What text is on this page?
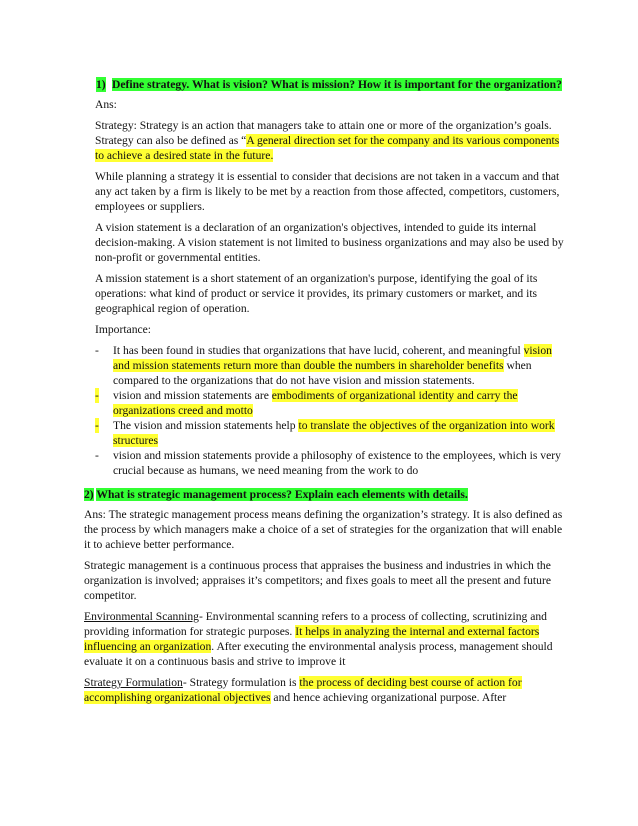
1) Define strategy. What is vision? What is mission? How it is important for the organization?

Ans:

Strategy: Strategy is an action that managers take to attain one or more of the organization’s goals. Strategy can also be defined as “A general direction set for the company and its various components to achieve a desired state in the future.

While planning a strategy it is essential to consider that decisions are not taken in a vaccum and that any act taken by a firm is likely to be met by a reaction from those affected, competitors, customers, employees or suppliers.

A vision statement is a declaration of an organization's objectives, intended to guide its internal decision-making. A vision statement is not limited to business organizations and may also be used by non-profit or governmental entities.

A mission statement is a short statement of an organization's purpose, identifying the goal of its operations: what kind of product or service it provides, its primary customers or market, and its geographical region of operation.

Importance:

- It has been found in studies that organizations that have lucid, coherent, and meaningful vision and mission statements return more than double the numbers in shareholder benefits when compared to the organizations that do not have vision and mission statements.
- vision and mission statements are embodiments of organizational identity and carry the organizations creed and motto
- The vision and mission statements help to translate the objectives of the organization into work structures
- vision and mission statements provide a philosophy of existence to the employees, which is very crucial because as humans, we need meaning from the work to do
2) What is strategic management process? Explain each elements with details.

Ans: The strategic management process means defining the organization’s strategy. It is also defined as the process by which managers make a choice of a set of strategies for the organization that will enable it to achieve better performance.

Strategic management is a continuous process that appraises the business and industries in which the organization is involved; appraises it’s competitors; and fixes goals to meet all the present and future competitor.

Environmental Scanning- Environmental scanning refers to a process of collecting, scrutinizing and providing information for strategic purposes. It helps in analyzing the internal and external factors influencing an organization. After executing the environmental analysis process, management should evaluate it on a continuous basis and strive to improve it

Strategy Formulation- Strategy formulation is the process of deciding best course of action for accomplishing organizational objectives and hence achieving organizational purpose. After
